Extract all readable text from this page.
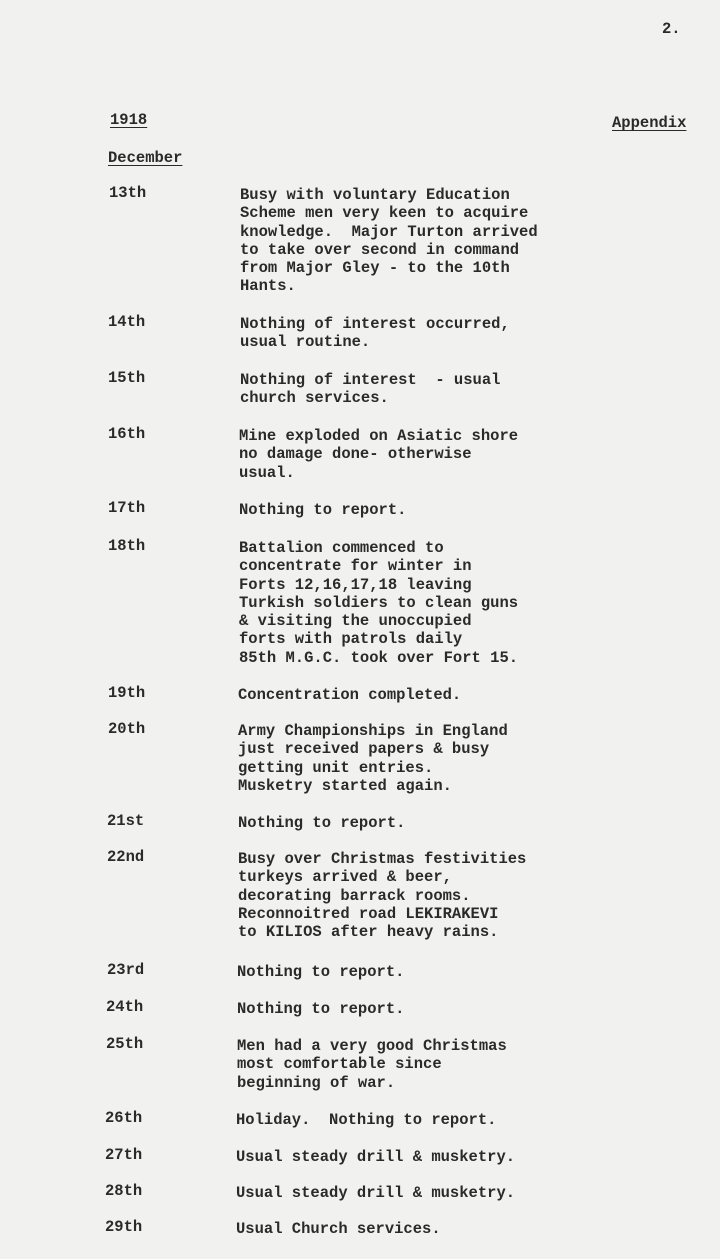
2.
1918	Appendix
December
13th	Busy with voluntary Education
Scheme men very keen to acquire
knowledge.  Major Turton arrived
to take over second in command
from Major Gley - to the 10th
Hants.
14th	Nothing of interest occurred,
usual routine.
15th	Nothing of interest  - usual
church services.
16th	Mine exploded on Asiatic shore
no damage done- otherwise
usual.
17th	Nothing to report.
18th	Battalion commenced to
concentrate for winter in
Forts 12,16,17,18 leaving
Turkish soldiers to clean guns
& visiting the unoccupied
forts with patrols daily
85th M.G.C. took over Fort 15.
19th	Concentration completed.
20th	Army Championships in England
just received papers & busy
getting unit entries.
Musketry started again.
21st	Nothing to report.
22nd	Busy over Christmas festivities
turkeys arrived & beer,
decorating barrack rooms.
Reconnoitred road LEKIRAKEVI
to KILIOS after heavy rains.
23rd	Nothing to report.
24th	Nothing to report.
25th	Men had a very good Christmas
most comfortable since
beginning of war.
26th	Holiday.  Nothing to report.
27th	Usual steady drill & musketry.
28th	Usual steady drill & musketry.
29th	Usual Church services.
